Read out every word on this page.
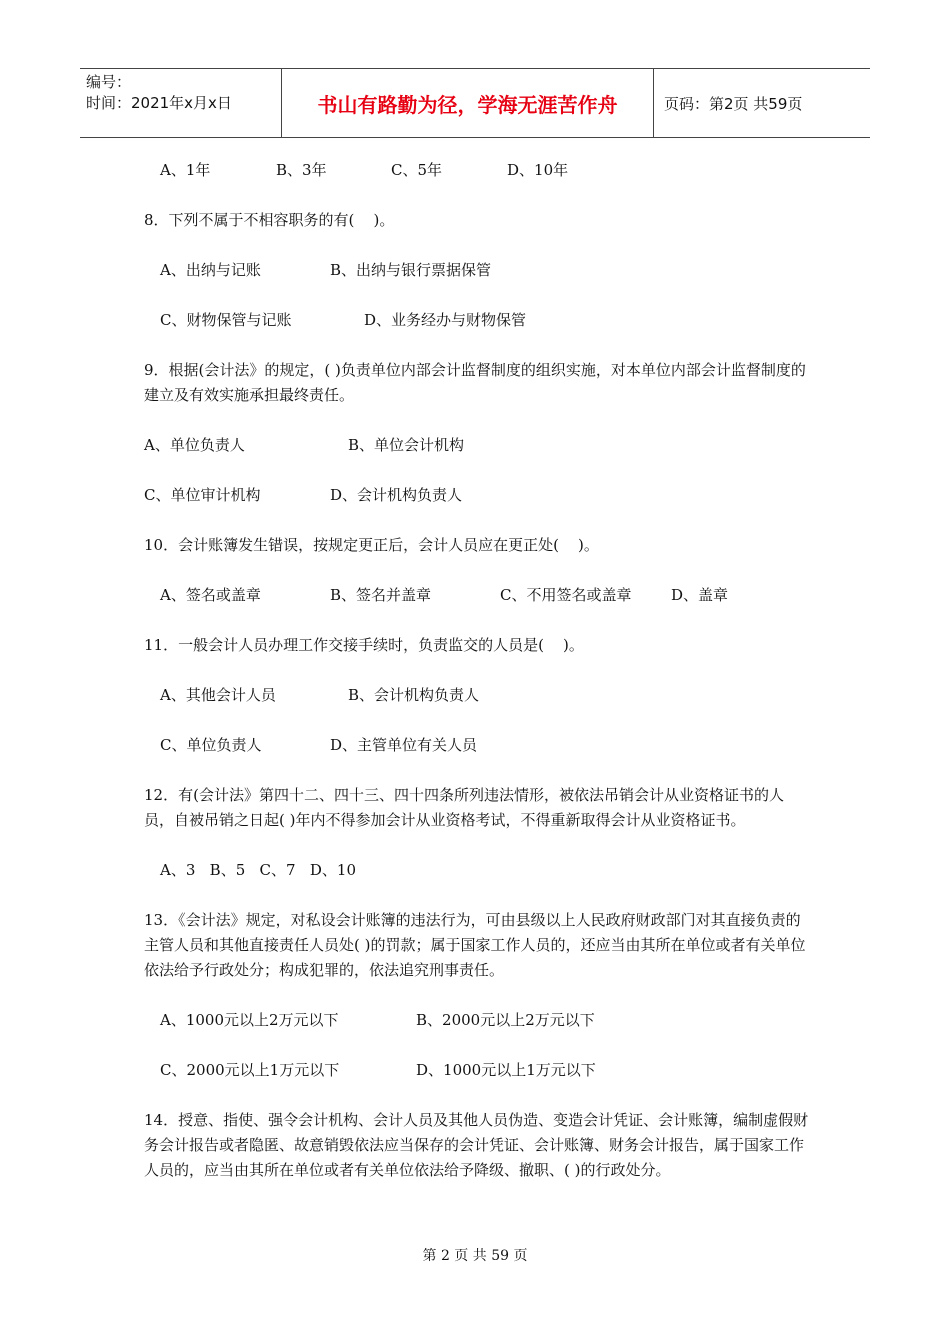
编号：
时间：2021年x月x日	书山有路勤为径，学海无涯苦作舟	页码：第2页 共59页
A、1年	B、3年	C、5年	D、10年
8．下列不属于不相容职务的有(    )。
A、出纳与记账	B、出纳与银行票据保管
C、财物保管与记账	D、业务经办与财物保管
9．根据(会计法》的规定，( )负责单位内部会计监督制度的组织实施，对本单位内部会计监督制度的建立及有效实施承担最终责任。
A、单位负责人	B、单位会计机构
C、单位审计机构	D、会计机构负责人
10．会计账簿发生错误，按规定更正后，会计人员应在更正处(    )。
A、签名或盖章	B、签名并盖章	C、不用签名或盖章	D、盖章
11．一般会计人员办理工作交接手续时，负责监交的人员是(    )。
A、其他会计人员	B、会计机构负责人
C、单位负责人	D、主管单位有关人员
12．有(会计法》第四十二、四十三、四十四条所列违法情形，被依法吊销会计从业资格证书的人员，自被吊销之日起( )年内不得参加会计从业资格考试，不得重新取得会计从业资格证书。
A、3   B、5   C、7   D、10
13．《会计法》规定，对私设会计账簿的违法行为，可由县级以上人民政府财政部门对其直接负责的主管人员和其他直接责任人员处( )的罚款；属于国家工作人员的，还应当由其所在单位或者有关单位依法给予行政处分；构成犯罪的，依法追究刑事责任。
A、1000元以上2万元以下	B、2000元以上2万元以下
C、2000元以上1万元以下	D、1000元以上1万元以下
14．授意、指使、强令会计机构、会计人员及其他人员伪造、变造会计凭证、会计账簿，编制虚假财务会计报告或者隐匿、故意销毁依法应当保存的会计凭证、会计账簿、财务会计报告，属于国家工作人员的，应当由其所在单位或者有关单位依法给予降级、撤职、( )的行政处分。
第 2 页 共 59 页
